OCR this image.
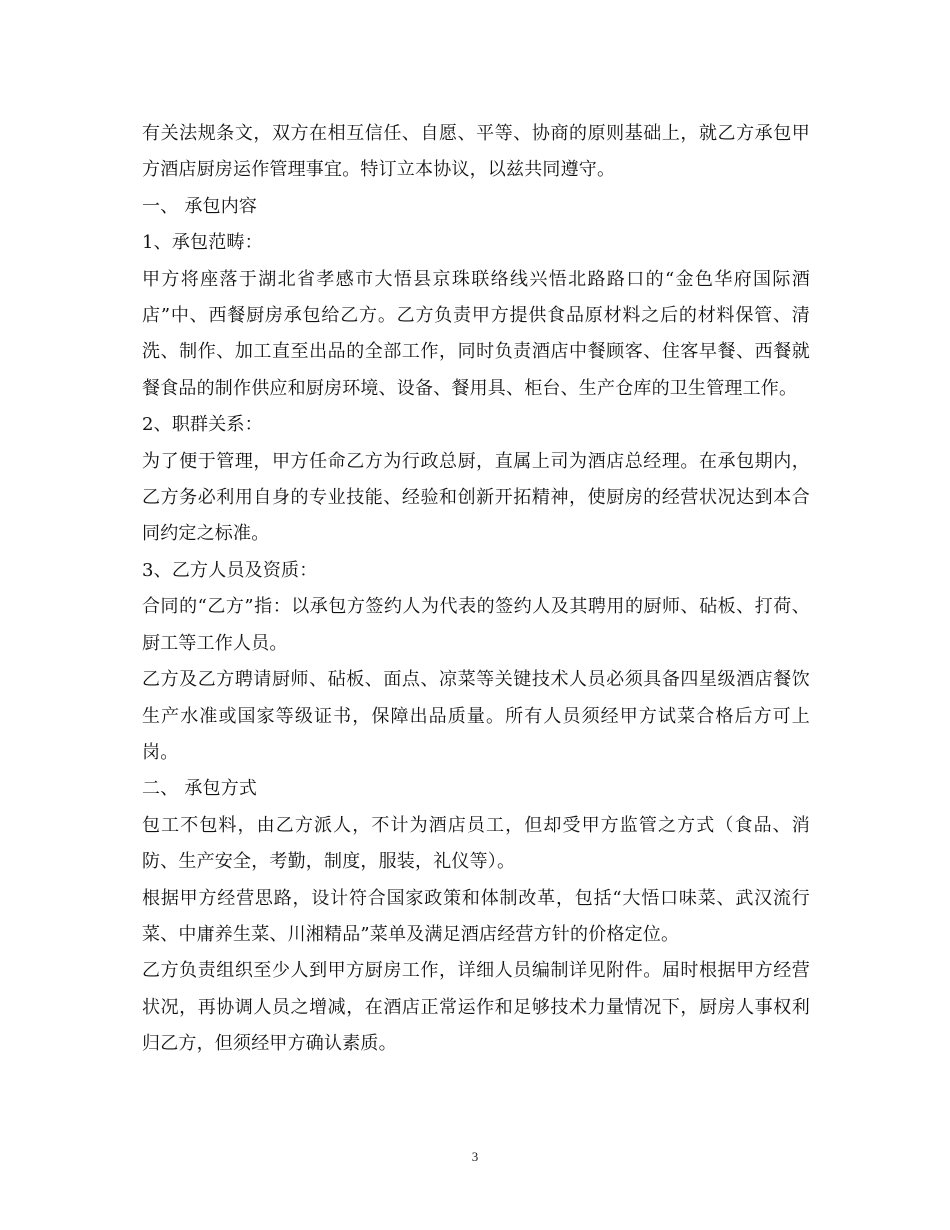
有关法规条文，双方在相互信任、自愿、平等、协商的原则基础上，就乙方承包甲方酒店厨房运作管理事宜。特订立本协议，以兹共同遵守。

一、 承包内容

1、承包范畴：

甲方将座落于湖北省孝感市大悟县京珠联络线兴悟北路路口的“金色华府国际酒店”中、西餐厨房承包给乙方。乙方负责甲方提供食品原材料之后的材料保管、清洗、制作、加工直至出品的全部工作，同时负责酒店中餐顾客、住客早餐、西餐就餐食品的制作供应和厨房环境、设备、餐用具、柜台、生产仓库的卫生管理工作。

2、职群关系：

为了便于管理，甲方任命乙方为行政总厨，直属上司为酒店总经理。在承包期内，乙方务必利用自身的专业技能、经验和创新开拓精神，使厨房的经营状况达到本合同约定之标准。

3、乙方人员及资质：

合同的“乙方”指：以承包方签约人为代表的签约人及其聘用的厨师、砧板、打荷、厨工等工作人员。

乙方及乙方聘请厨师、砧板、面点、凉菜等关键技术人员必须具备四星级酒店餐饮生产水准或国家等级证书，保障出品质量。所有人员须经甲方试菜合格后方可上岗。

二、 承包方式

包工不包料，由乙方派人，不计为酒店员工，但却受甲方监管之方式（食品、消防、生产安全，考勤，制度，服装，礼仪等）。

根据甲方经营思路，设计符合国家政策和体制改革，包括“大悟口味菜、武汉流行菜、中庸养生菜、川湘精品”菜单及满足酒店经营方针的价格定位。

乙方负责组织至少人到甲方厨房工作，详细人员编制详见附件。届时根据甲方经营状况，再协调人员之增减，在酒店正常运作和足够技术力量情况下，厨房人事权利归乙方，但须经甲方确认素质。

3
